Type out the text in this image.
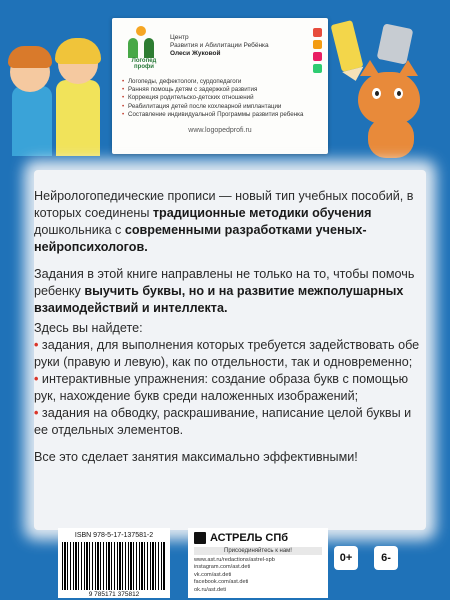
Логопед профи
Центр
Развития и Абилитации Ребёнка
Олеси Жуковой
• Логопеды, дефектологи, сурдопедагоги
• Ранняя помощь детям с задержкой развития
• Коррекция родительско-детских отношений
• Реабилитация детей после кохлеарной имплантации
• Составление индивидуальной Программы развития ребенка
www.logopedprofi.ru

Нейрологопедические прописи — новый тип учебных пособий, в которых соединены традиционные методики обучения дошкольника с современными разработками ученых-нейропсихологов.

Задания в этой книге направлены не только на то, чтобы помочь ребенку выучить буквы, но и на развитие межполушарных взаимодействий и интеллекта.

Здесь вы найдете:
• задания, для выполнения которых требуется задействовать обе руки (правую и левую), как по отдельности, так и одновременно;
• интерактивные упражнения: создание образа букв с помощью рук, нахождение букв среди наложенных изображений;
• задания на обводку, раскрашивание, написание целой буквы и ее отдельных элементов.
Все это сделает занятия максимально эффективными!
ISBN 978-5-17-137581-2
9 785171 375812
АСТРЕЛЬ СПб
Присоединяйтесь к нам!
www.ast.ru/redactions/astrel-spb
instagram.com/ast.deti
vk.com/ast.deti
facebook.com/ast.deti
ok.ru/ast.deti
0+	6-
